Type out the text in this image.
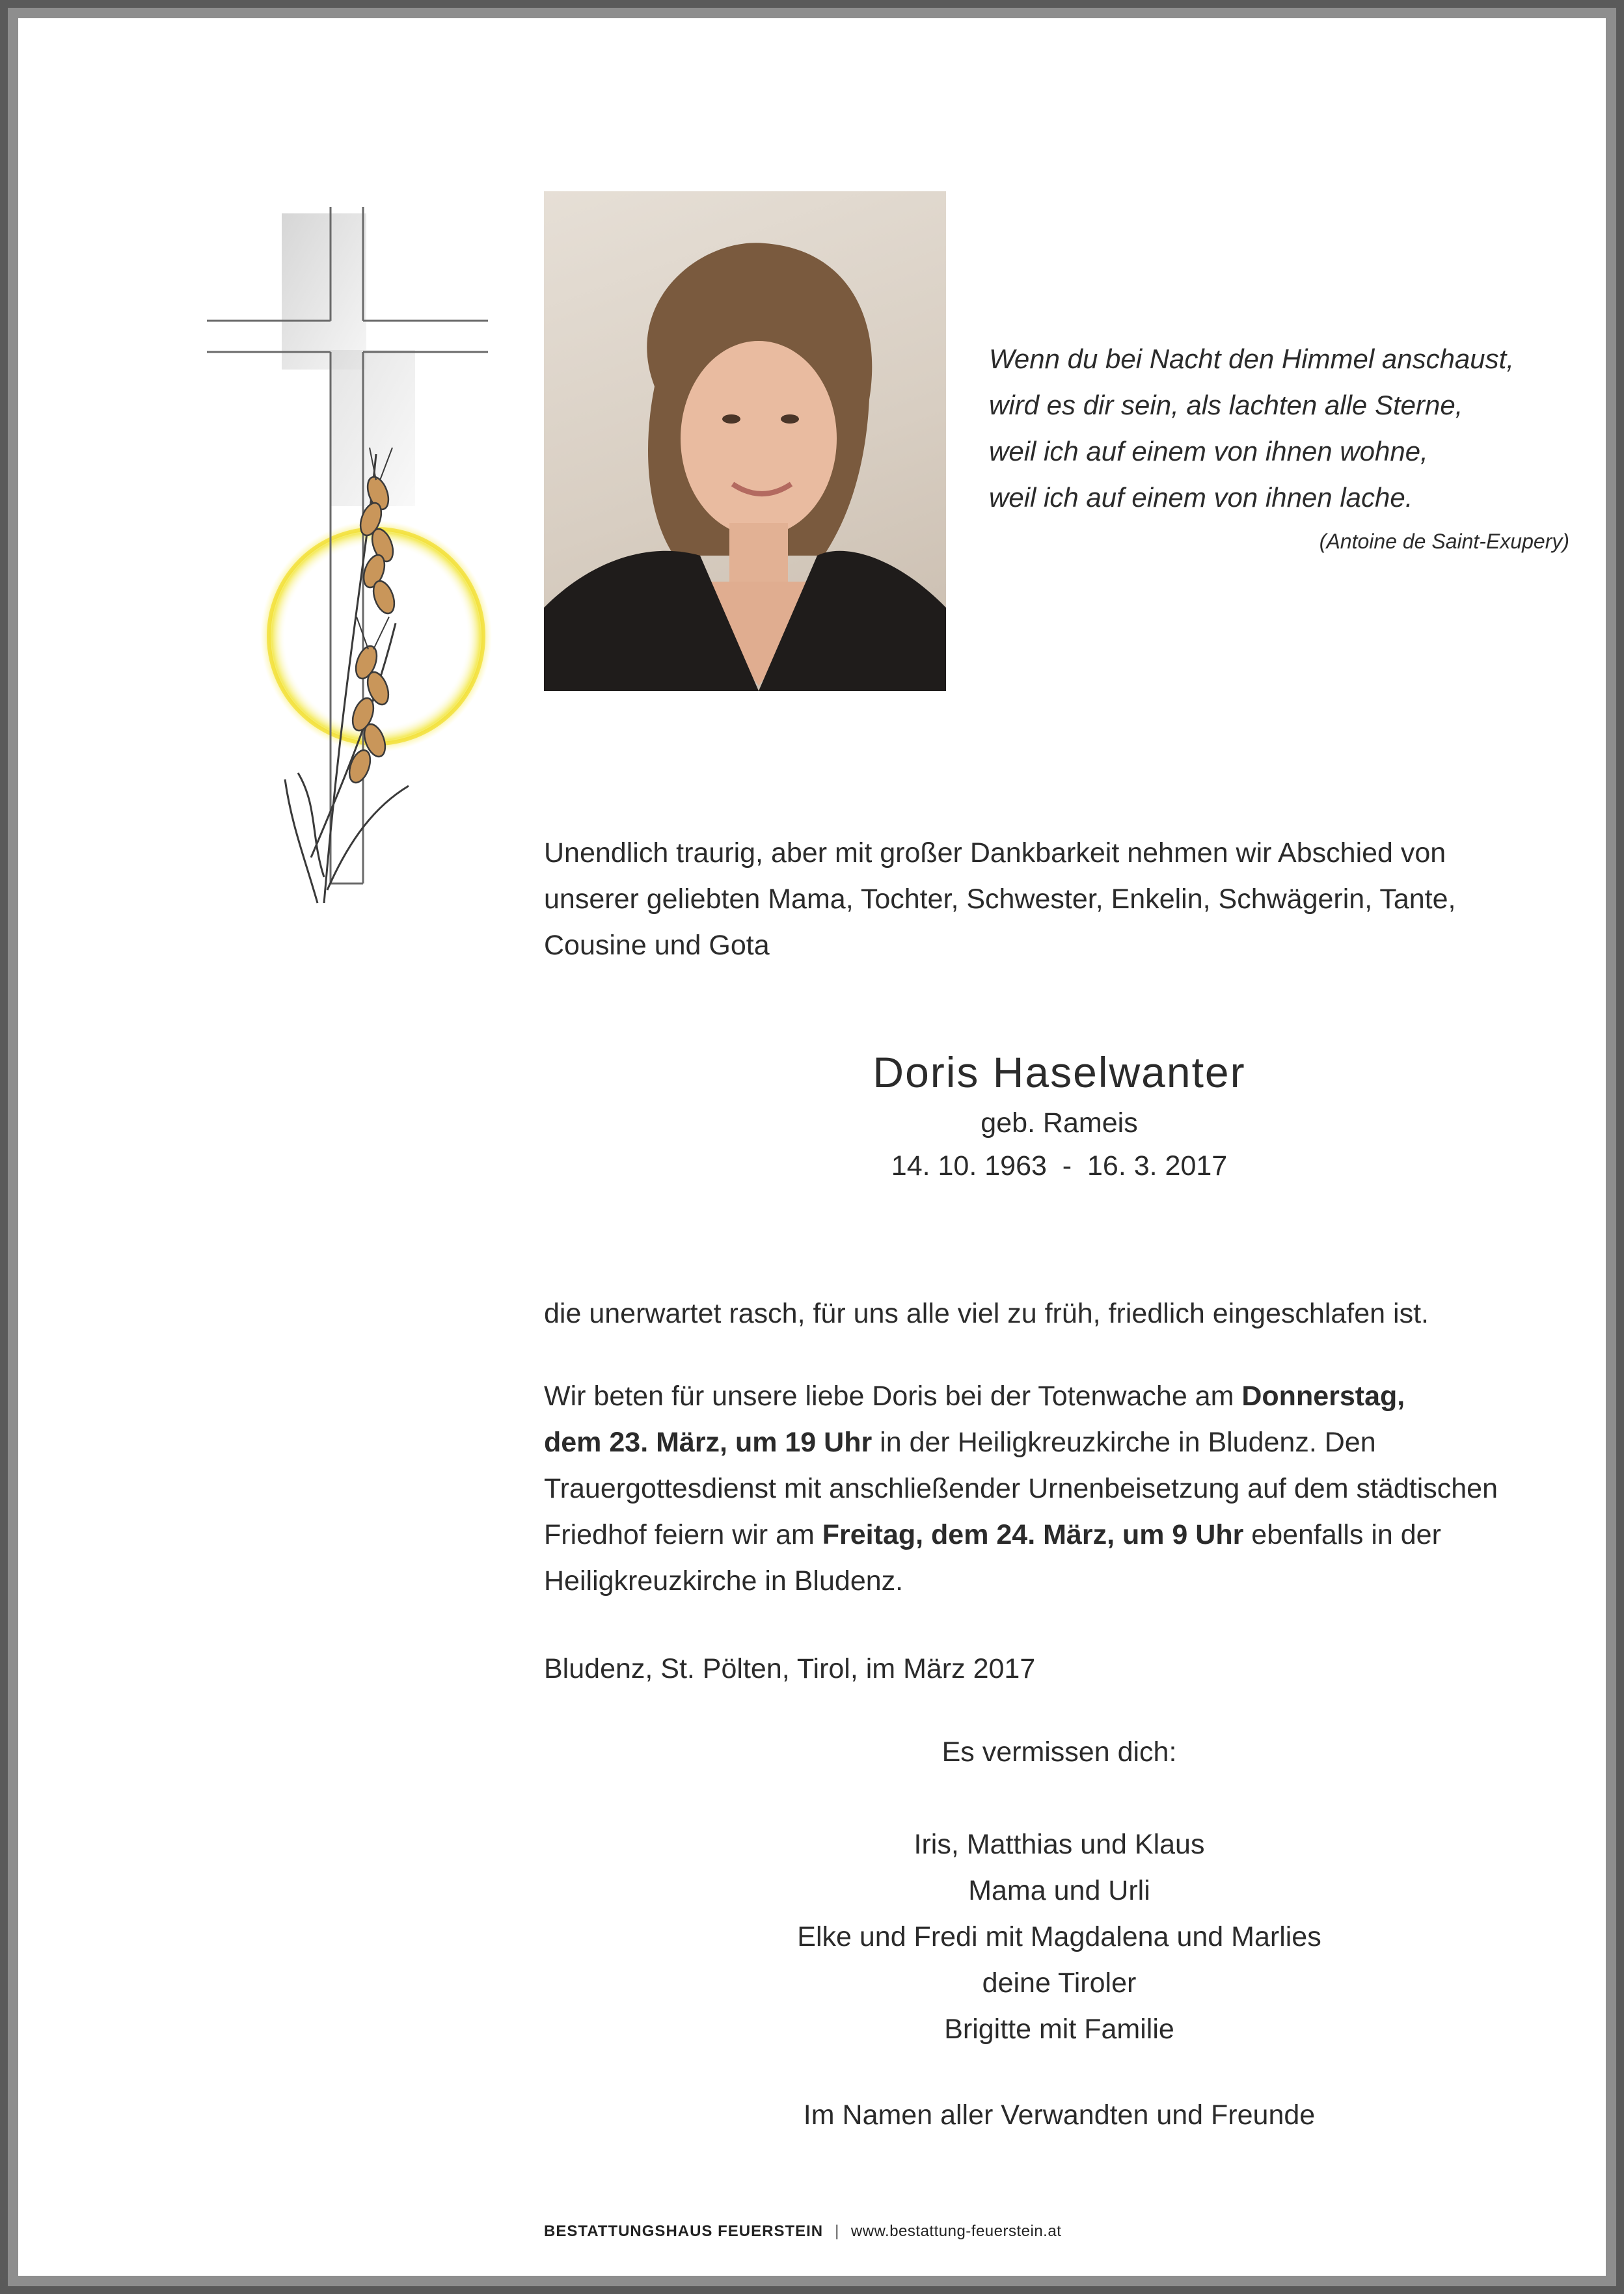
Wenn du bei Nacht den Himmel anschaust,
wird es dir sein, als lachten alle Sterne,
weil ich auf einem von ihnen wohne,
weil ich auf einem von ihnen lache.
(Antoine de Saint-Exupery)
Unendlich traurig, aber mit großer Dankbarkeit nehmen wir Abschied von
unserer geliebten Mama, Tochter, Schwester, Enkelin, Schwägerin, Tante,
Cousine und Gota
Doris Haselwanter
geb. Rameis
14. 10. 1963  -  16. 3. 2017
die unerwartet rasch, für uns alle viel zu früh, friedlich eingeschlafen ist.
Wir beten für unsere liebe Doris bei der Totenwache am Donnerstag,
dem 23. März, um 19 Uhr in der Heiligkreuzkirche in Bludenz. Den
Trauergottesdienst mit anschließender Urnenbeisetzung auf dem städtischen
Friedhof feiern wir am Freitag, dem 24. März, um 9 Uhr ebenfalls in der
Heiligkreuzkirche in Bludenz.
Bludenz, St. Pölten, Tirol, im März 2017
Es vermissen dich:
Iris, Matthias und Klaus
Mama und Urli
Elke und Fredi mit Magdalena und Marlies
deine Tiroler
Brigitte mit Familie
Im Namen aller Verwandten und Freunde
BESTATTUNGSHAUS FEUERSTEIN | www.bestattung-feuerstein.at
